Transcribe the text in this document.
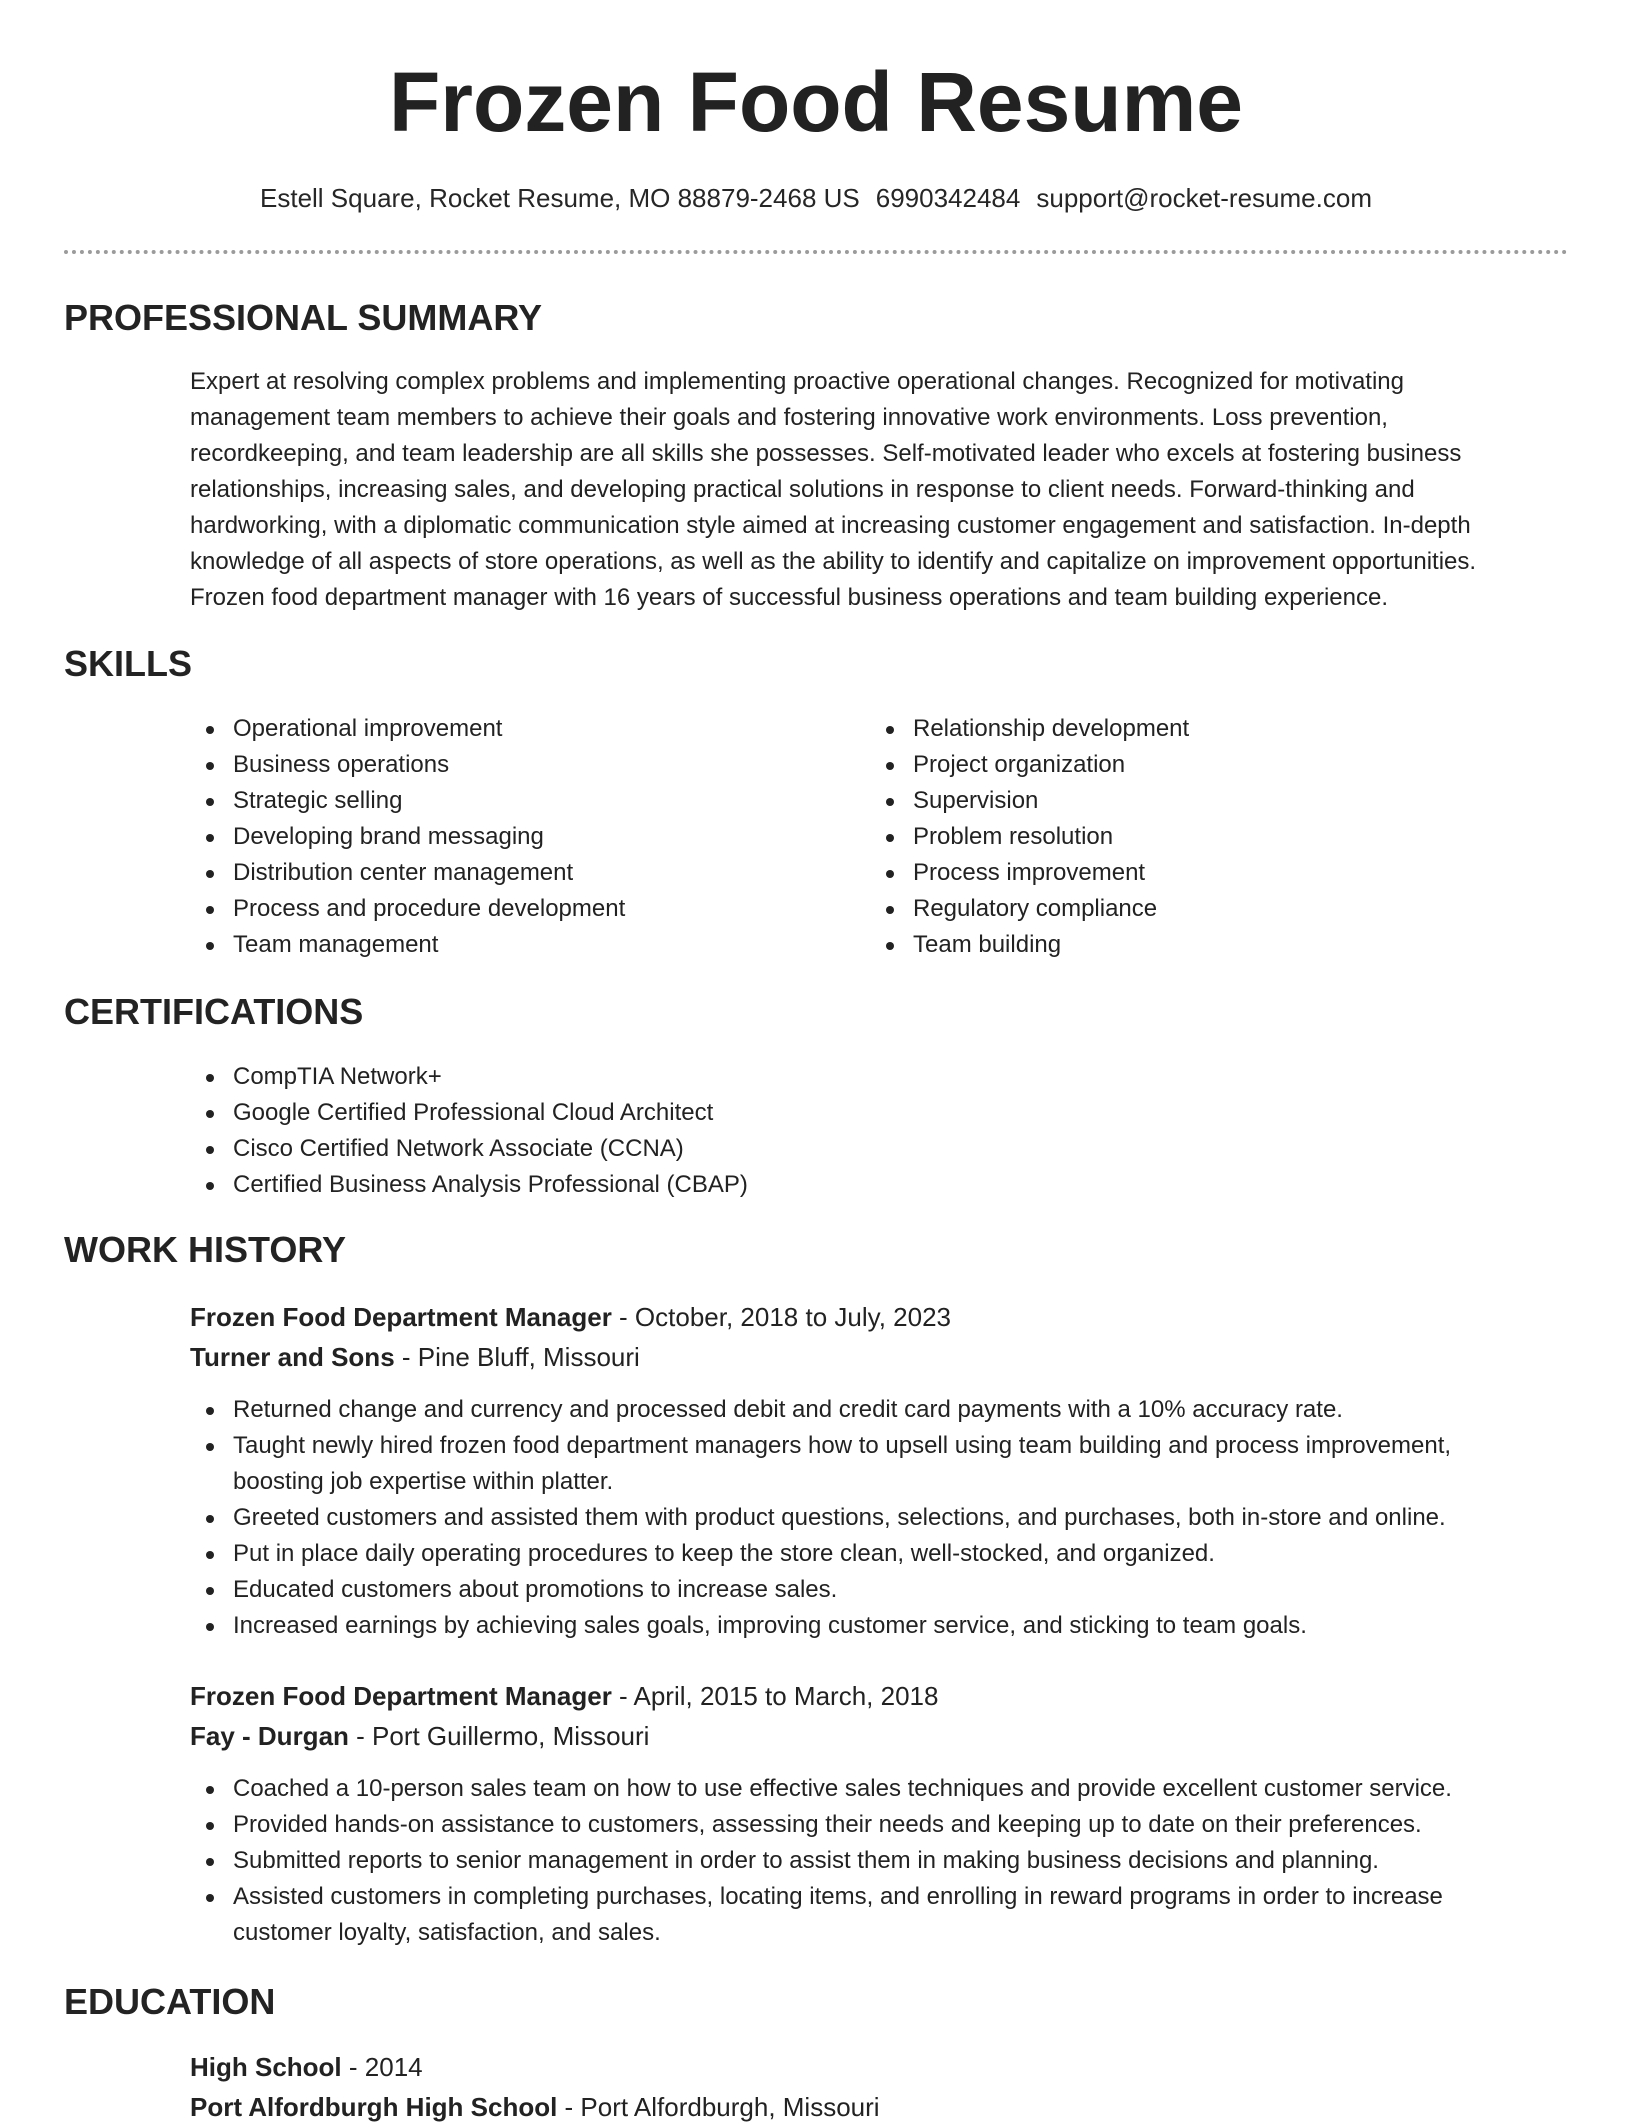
Frozen Food Resume
Estell Square, Rocket Resume, MO 88879-2468 US 6990342484 support@rocket-resume.com
PROFESSIONAL SUMMARY
Expert at resolving complex problems and implementing proactive operational changes. Recognized for motivating
management team members to achieve their goals and fostering innovative work environments. Loss prevention,
recordkeeping, and team leadership are all skills she possesses. Self-motivated leader who excels at fostering business
relationships, increasing sales, and developing practical solutions in response to client needs. Forward-thinking and
hardworking, with a diplomatic communication style aimed at increasing customer engagement and satisfaction. In-depth
knowledge of all aspects of store operations, as well as the ability to identify and capitalize on improvement opportunities.
Frozen food department manager with 16 years of successful business operations and team building experience.
SKILLS
Operational improvement
Business operations
Strategic selling
Developing brand messaging
Distribution center management
Process and procedure development
Team management
Relationship development
Project organization
Supervision
Problem resolution
Process improvement
Regulatory compliance
Team building
CERTIFICATIONS
CompTIA Network+
Google Certified Professional Cloud Architect
Cisco Certified Network Associate (CCNA)
Certified Business Analysis Professional (CBAP)
WORK HISTORY
Frozen Food Department Manager - October, 2018 to July, 2023
Turner and Sons - Pine Bluff, Missouri
Returned change and currency and processed debit and credit card payments with a 10% accuracy rate.
Taught newly hired frozen food department managers how to upsell using team building and process improvement, boosting job expertise within platter.
Greeted customers and assisted them with product questions, selections, and purchases, both in-store and online.
Put in place daily operating procedures to keep the store clean, well-stocked, and organized.
Educated customers about promotions to increase sales.
Increased earnings by achieving sales goals, improving customer service, and sticking to team goals.
Frozen Food Department Manager - April, 2015 to March, 2018
Fay - Durgan - Port Guillermo, Missouri
Coached a 10-person sales team on how to use effective sales techniques and provide excellent customer service.
Provided hands-on assistance to customers, assessing their needs and keeping up to date on their preferences.
Submitted reports to senior management in order to assist them in making business decisions and planning.
Assisted customers in completing purchases, locating items, and enrolling in reward programs in order to increase customer loyalty, satisfaction, and sales.
EDUCATION
High School - 2014
Port Alfordburgh High School - Port Alfordburgh, Missouri
